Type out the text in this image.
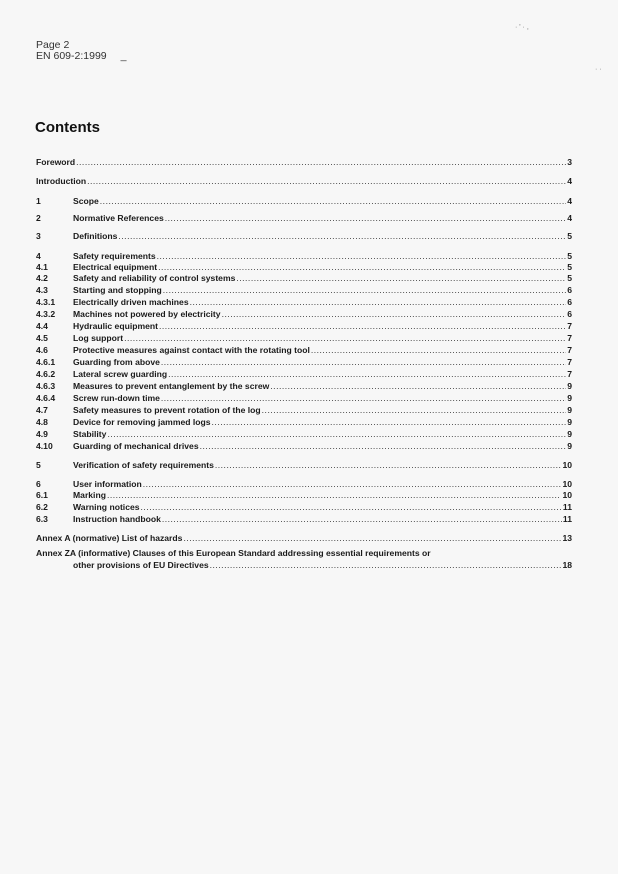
Page 2
EN 609-2:1999 _
· ' · ,
· ·
Contents
Foreword .....	3
Introduction .....	4
1	Scope .....	4
2	Normative References .....	4
3	Definitions .....	5
4	Safety requirements .....	5
4.1	Electrical equipment .....	5
4.2	Safety and reliability of control systems .....	5
4.3	Starting and stopping .....	6
4.3.1	Electrically driven machines .....	6
4.3.2	Machines not powered by electricity .....	6
4.4	Hydraulic equipment .....	7
4.5	Log support .....	7
4.6	Protective measures against contact with the rotating tool .....	7
4.6.1	Guarding from above .....	7
4.6.2	Lateral screw guarding .....	7
4.6.3	Measures to prevent entanglement by the screw .....	9
4.6.4	Screw run-down time .....	9
4.7	Safety measures to prevent rotation of the log .....	9
4.8	Device for removing jammed logs .....	9
4.9	Stability .....	9
4.10	Guarding of mechanical drives .....	9
5	Verification of safety requirements .....	10
6	User information .....	10
6.1	Marking .....	10
6.2	Warning notices .....	11
6.3	Instruction handbook .....	11
Annex A (normative) List of hazards .....	13
Annex ZA (informative) Clauses of this European Standard addressing essential requirements or
other provisions of EU Directives .....	18
